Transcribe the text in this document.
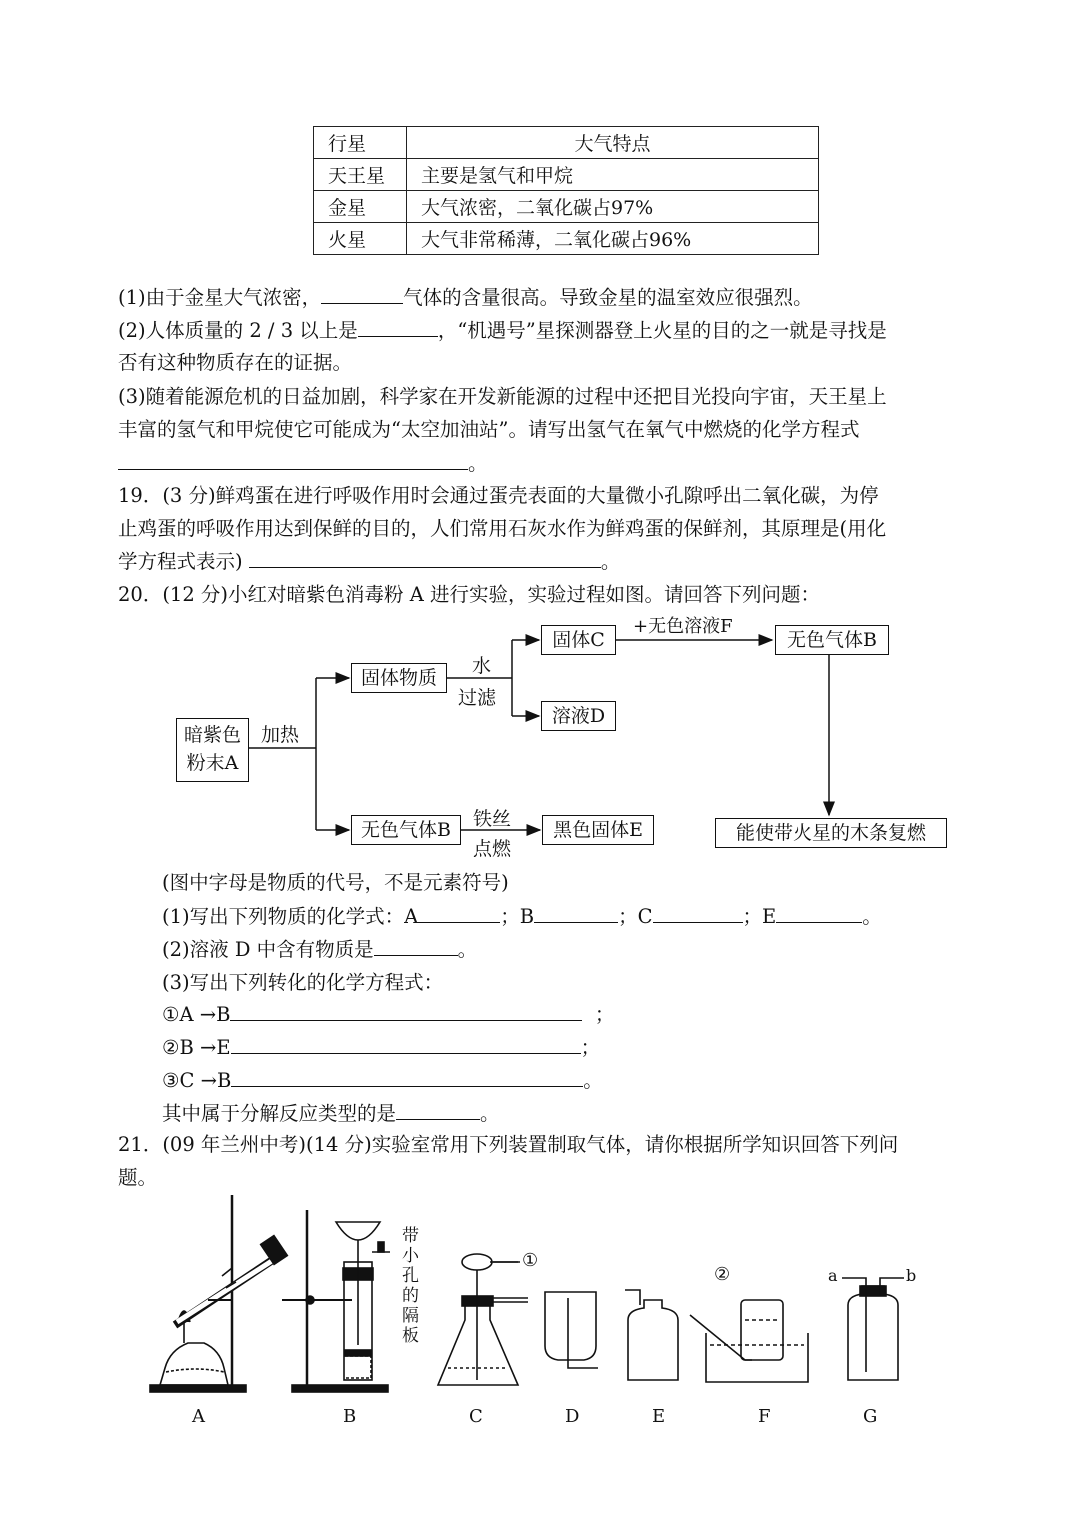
行星	大气特点
天王星	主要是氢气和甲烷
金星	大气浓密，二氧化碳占97%
火星	大气非常稀薄，二氧化碳占96%
(1)由于金星大气浓密，	气体的含量很高。导致金星的温室效应很强烈。
(2)人体质量的 2 / 3 以上是	，“机遇号”星探测器登上火星的目的之一就是寻找是
否有这种物质存在的证据。
(3)随着能源危机的日益加剧，科学家在开发新能源的过程中还把目光投向宇宙，天王星上
丰富的氢气和甲烷使它可能成为“太空加油站”。请写出氢气在氧气中燃烧的化学方程式
。
19．(3 分)鲜鸡蛋在进行呼吸作用时会通过蛋壳表面的大量微小孔隙呼出二氧化碳，为停
止鸡蛋的呼吸作用达到保鲜的目的，人们常用石灰水作为鲜鸡蛋的保鲜剂，其原理是(用化
学方程式表示)	。
20．(12 分)小红对暗紫色消毒粉 A 进行实验，实验过程如图。请回答下列问题：
暗紫色
粉末A
加热
固体物质
水
过滤
固体C
+无色溶液F
无色气体B
溶液D
无色气体B	铁丝
点燃
黑色固体E	能使带火星的木条复燃
(图中字母是物质的代号，不是元素符号)
(1)写出下列物质的化学式：A	；B	；C	；E	。
(2)溶液 D 中含有物质是	。
(3)写出下列转化的化学方程式：
①A →B	；
②B →E	；
③C →B	。
其中属于分解反应类型的是	。
21．(09 年兰州中考)(14 分)实验室常用下列装置制取气体，请你根据所学知识回答下列问
题。
带小孔的隔板
①
②	a	b
A	B	C	D	E	F	G
